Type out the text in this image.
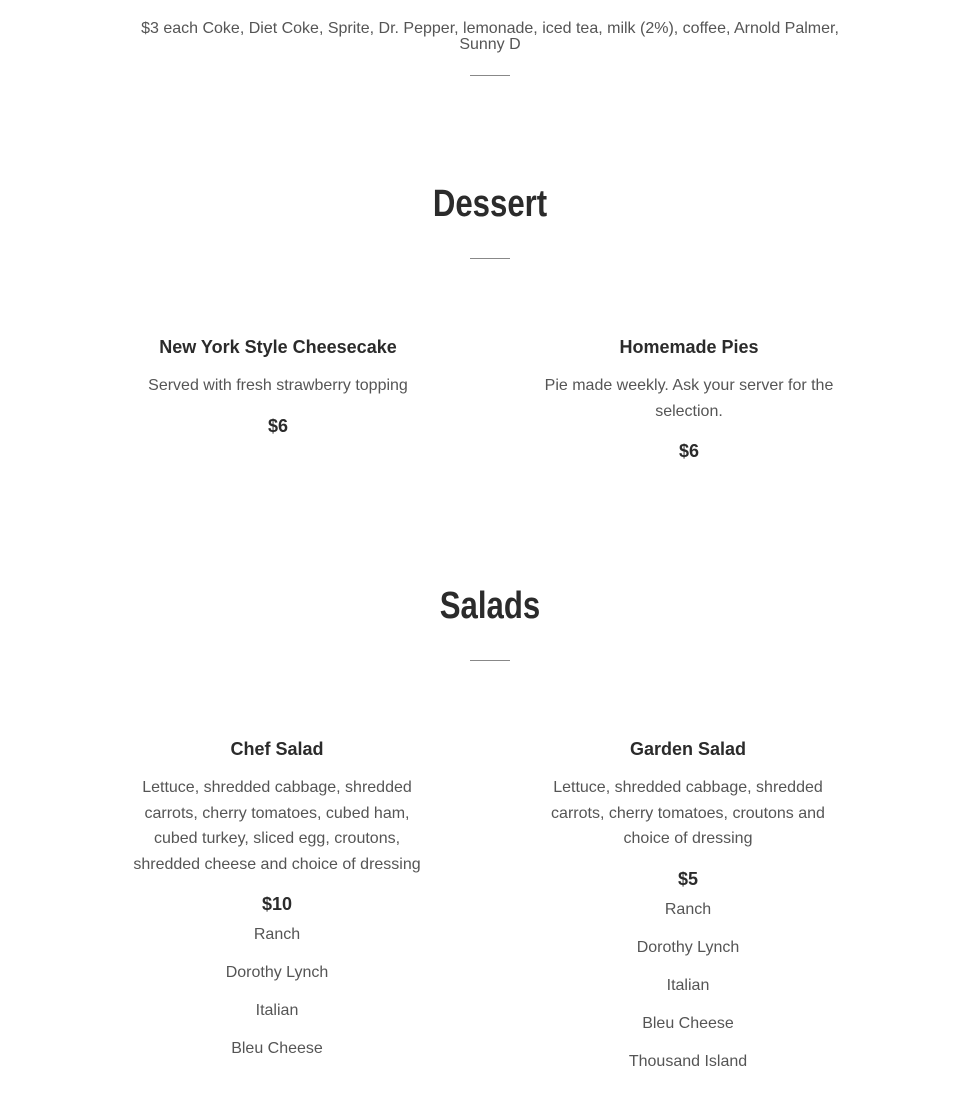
$3 each Coke, Diet Coke, Sprite, Dr. Pepper, lemonade, iced tea, milk (2%), coffee, Arnold Palmer, Sunny D
Dessert

New York Style Cheesecake

Served with fresh strawberry topping

$6

Homemade Pies

Pie made weekly. Ask your server for the selection.

$6

Salads

Chef Salad

Lettuce, shredded cabbage, shredded carrots, cherry tomatoes, cubed ham, cubed turkey, sliced egg, croutons, shredded cheese and choice of dressing

$10

Ranch
Dorothy Lynch
Italian
Bleu Cheese

Garden Salad

Lettuce, shredded cabbage, shredded carrots, cherry tomatoes, croutons and choice of dressing

$5

Ranch
Dorothy Lynch
Italian
Bleu Cheese
Thousand Island
